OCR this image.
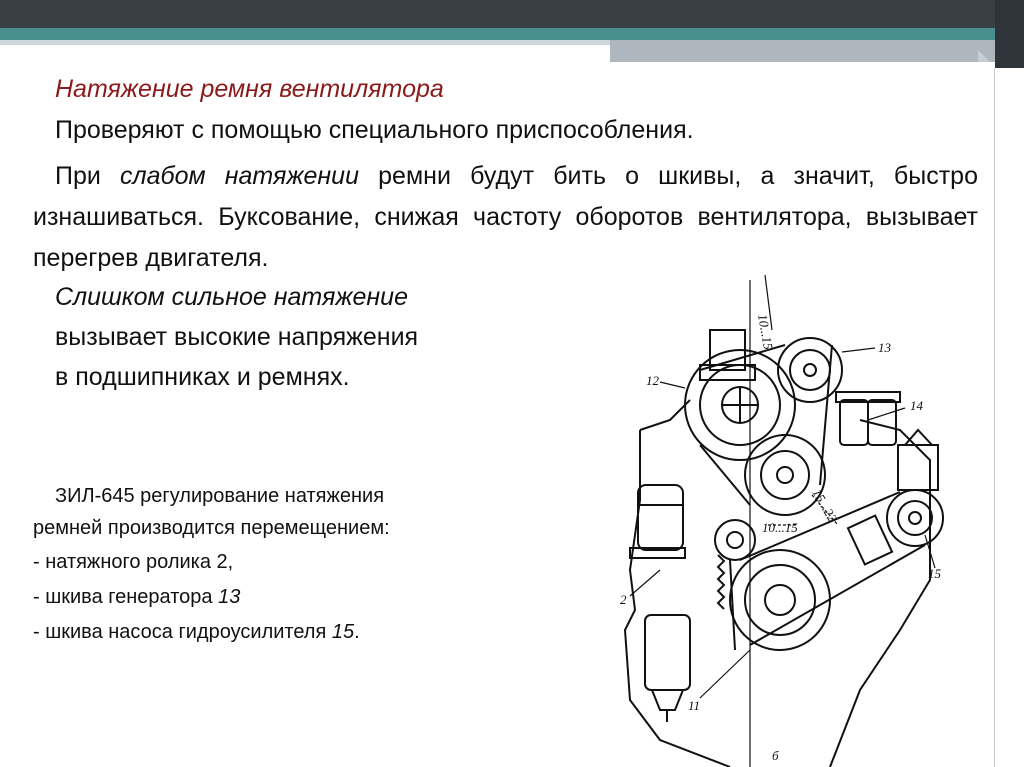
Натяжение ремня вентилятора

Проверяют с помощью специального приспособления.

При слабом натяжении ремни будут бить о шкивы, а значит, быстро изнашиваться. Буксование, снижая частоту оборотов вентилятора, вызывает перегрев двигателя.

Слишком сильное натяжение

вызывает высокие напряжения

в подшипниках и ремнях.

ЗИЛ-645 регулирование натяжения

ремней производится перемещением:

- натяжного ролика 2,

- шкива генератора 13

- шкива насоса гидроусилителя 15.

10...15	13
12
14
15...22
10...15
15
2
11
б
